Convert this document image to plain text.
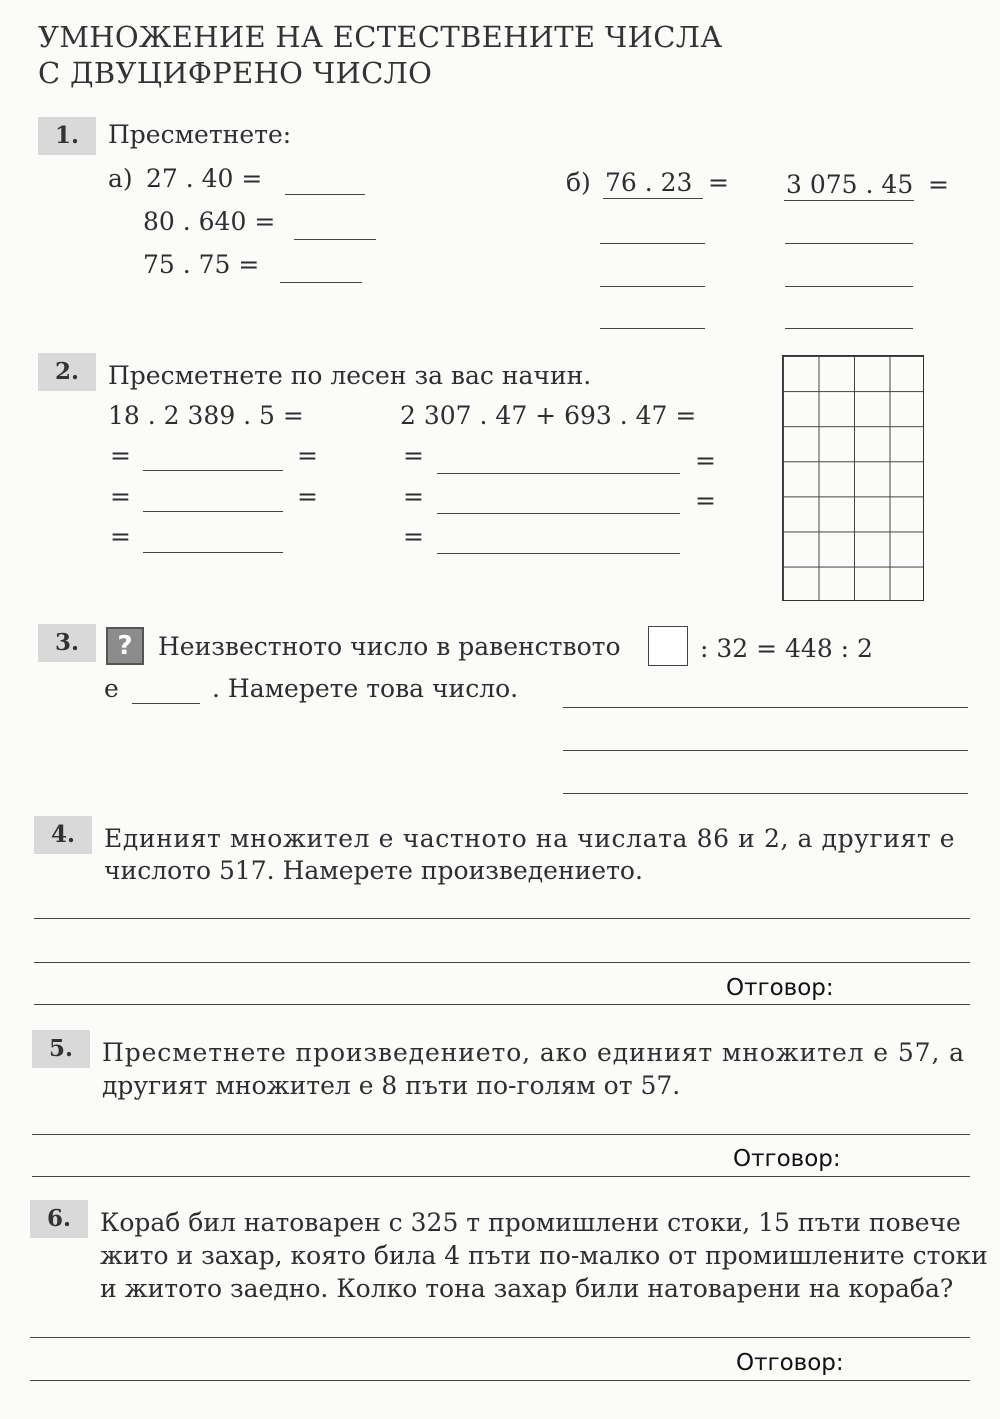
УМНОЖЕНИЕ НА ЕСТЕСТВЕНИТЕ ЧИСЛА
С ДВУЦИФРЕНО ЧИСЛО
1.	Пресметнете:
а) 27 . 40 =
80 . 640 =
75 . 75 =
б) 76 . 23 = 3 075 . 45 =
2.	Пресметнете по лесен за вас начин.
18 . 2 389 . 5 =	2 307 . 47 + 693 . 47 =
=	=
=	=
=
=	=
=	=
=
3.	?	Неизвестното число в равенството	: 32 = 448 : 2
е	. Намерете това число.
4.	Единият множител е частното на числата 86 и 2, а другият е
числото 517. Намерете произведението.
Отговор:
5.	Пресметнете произведението, ако единият множител е 57, а
другият множител е 8 пъти по-голям от 57.
Отговор:
6.	Кораб бил натоварен с 325 т промишлени стоки, 15 пъти повече
жито и захар, която била 4 пъти по-малко от промишлените стоки
и житото заедно. Колко тона захар били натоварени на кораба?
Отговор:
